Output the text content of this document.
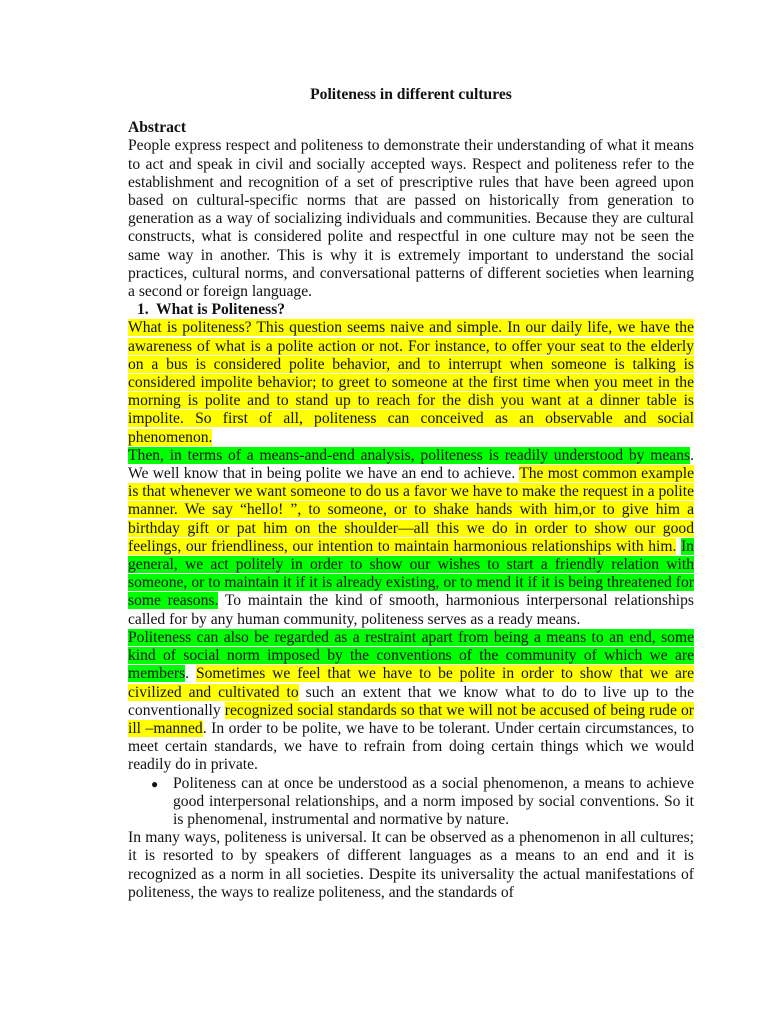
Politeness in different cultures
Abstract

People express respect and politeness to demonstrate their understanding of what it means to act and speak in civil and socially accepted ways. Respect and politeness refer to the establishment and recognition of a set of prescriptive rules that have been agreed upon based on cultural-specific norms that are passed on historically from generation to generation as a way of socializing individuals and communities. Because they are cultural constructs, what is considered polite and respectful in one culture may not be seen the same way in another. This is why it is extremely important to understand the social practices, cultural norms, and conversational patterns of different societies when learning a second or foreign language.

1. What is Politeness?

What is politeness? This question seems naive and simple. In our daily life, we have the awareness of what is a polite action or not. For instance, to offer your seat to the elderly on a bus is considered polite behavior, and to interrupt when someone is talking is considered impolite behavior; to greet to someone at the first time when you meet in the morning is polite and to stand up to reach for the dish you want at a dinner table is impolite. So first of all, politeness can conceived as an observable and social phenomenon.

Then, in terms of a means-and-end analysis, politeness is readily understood by means. We well know that in being polite we have an end to achieve. The most common example is that whenever we want someone to do us a favor we have to make the request in a polite manner. We say “hello! ”, to someone, or to shake hands with him,or to give him a birthday gift or pat him on the shoulder—all this we do in order to show our good feelings, our friendliness, our intention to maintain harmonious relationships with him. In general, we act politely in order to show our wishes to start a friendly relation with someone, or to maintain it if it is already existing, or to mend it if it is being threatened for some reasons. To maintain the kind of smooth, harmonious interpersonal relationships called for by any human community, politeness serves as a ready means.

Politeness can also be regarded as a restraint apart from being a means to an end, some kind of social norm imposed by the conventions of the community of which we are members. Sometimes we feel that we have to be polite in order to show that we are civilized and cultivated to such an extent that we know what to do to live up to the conventionally recognized social standards so that we will not be accused of being rude or ill –manned. In order to be polite, we have to be tolerant. Under certain circumstances, to meet certain standards, we have to refrain from doing certain things which we would readily do in private.

● Politeness can at once be understood as a social phenomenon, a means to achieve good interpersonal relationships, and a norm imposed by social conventions. So it is phenomenal, instrumental and normative by nature.

In many ways, politeness is universal. It can be observed as a phenomenon in all cultures; it is resorted to by speakers of different languages as a means to an end and it is recognized as a norm in all societies. Despite its universality the actual manifestations of politeness, the ways to realize politeness, and the standards of
